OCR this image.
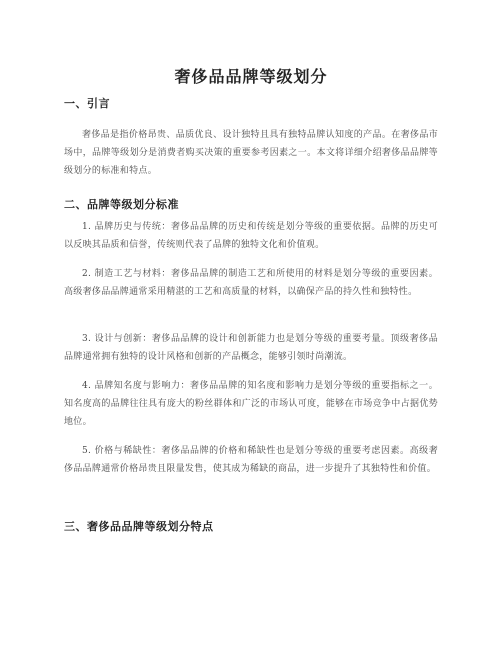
奢侈品品牌等级划分
一、引言

奢侈品是指价格昂贵、品质优良、设计独特且具有独特品牌认知度的产品。在奢侈品市场中，品牌等级划分是消费者购买决策的重要参考因素之一。本文将详细介绍奢侈品品牌等级划分的标准和特点。

二、品牌等级划分标准

1. 品牌历史与传统：奢侈品品牌的历史和传统是划分等级的重要依据。品牌的历史可以反映其品质和信誉，传统则代表了品牌的独特文化和价值观。

2. 制造工艺与材料：奢侈品品牌的制造工艺和所使用的材料是划分等级的重要因素。高级奢侈品品牌通常采用精湛的工艺和高质量的材料，以确保产品的持久性和独特性。

3. 设计与创新：奢侈品品牌的设计和创新能力也是划分等级的重要考量。顶级奢侈品品牌通常拥有独特的设计风格和创新的产品概念，能够引领时尚潮流。

4. 品牌知名度与影响力：奢侈品品牌的知名度和影响力是划分等级的重要指标之一。知名度高的品牌往往具有庞大的粉丝群体和广泛的市场认可度，能够在市场竞争中占据优势地位。

5. 价格与稀缺性：奢侈品品牌的价格和稀缺性也是划分等级的重要考虑因素。高级奢侈品品牌通常价格昂贵且限量发售，使其成为稀缺的商品，进一步提升了其独特性和价值。

三、奢侈品品牌等级划分特点
